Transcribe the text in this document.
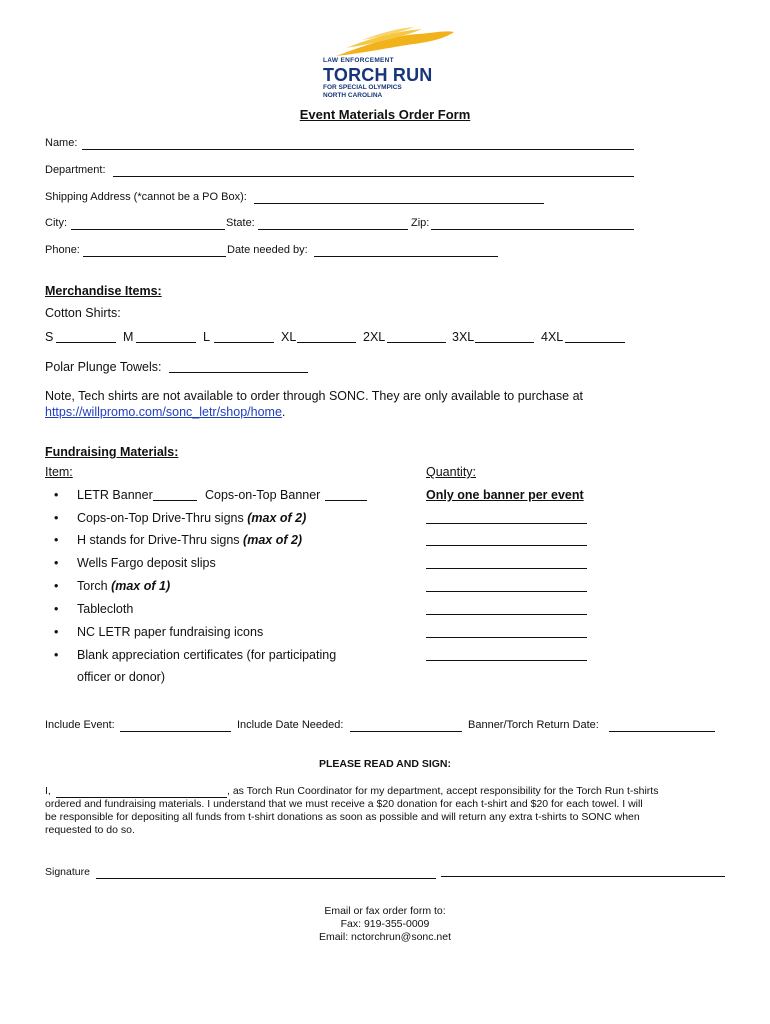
LAW ENFORCEMENT
TORCH RUN
FOR SPECIAL OLYMPICS
NORTH CAROLINA
Event Materials Order Form
Name:
Department:
Shipping Address (*cannot be a PO Box):
City:	State:	Zip:
Phone:	Date needed by:
Merchandise Items:
Cotton Shirts:
S	M	L	XL	2XL	3XL	4XL
Polar Plunge Towels:
Note, Tech shirts are not available to order through SONC. They are only available to purchase at
https://willpromo.com/sonc_letr/shop/home.
Fundraising Materials:
Item:	Quantity:
• LETR Banner	Cops-on-Top Banner	Only one banner per event
• Cops-on-Top Drive-Thru signs (max of 2)
• H stands for Drive-Thru signs (max of 2)
• Wells Fargo deposit slips
• Torch (max of 1)
• Tablecloth
• NC LETR paper fundraising icons
• Blank appreciation certificates (for participating
officer or donor)
Include Event:	Include Date Needed:	Banner/Torch Return Date:
PLEASE READ AND SIGN:
I,	, as Torch Run Coordinator for my department, accept responsibility for the Torch Run t-shirts
ordered and fundraising materials. I understand that we must receive a $20 donation for each t-shirt and $20 for each towel. I will
be responsible for depositing all funds from t-shirt donations as soon as possible and will return any extra t-shirts to SONC when
requested to do so.
Signature
Email or fax order form to:
Fax: 919-355-0009
Email: nctorchrun@sonc.net
